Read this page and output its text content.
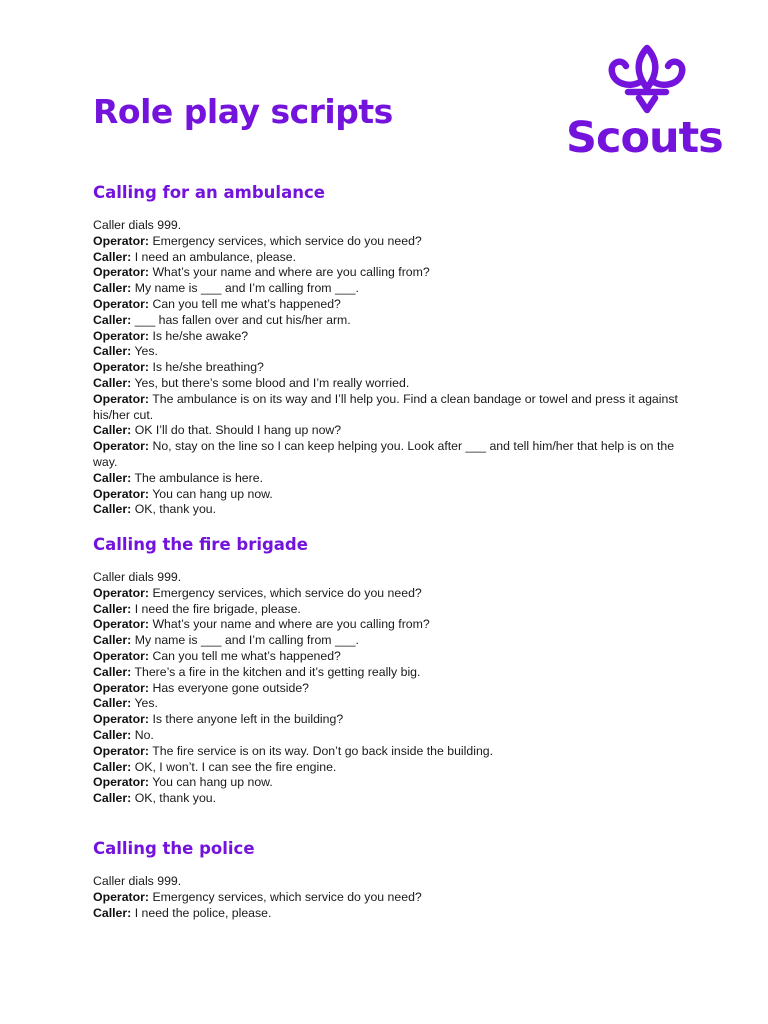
Role play scripts
Scouts
Calling for an ambulance
Caller dials 999.
Operator: Emergency services, which service do you need?
Caller: I need an ambulance, please.
Operator: What’s your name and where are you calling from?
Caller: My name is ___ and I’m calling from ___.
Operator: Can you tell me what’s happened?
Caller: ___ has fallen over and cut his/her arm.
Operator: Is he/she awake?
Caller: Yes.
Operator: Is he/she breathing?
Caller: Yes, but there’s some blood and I’m really worried.
Operator: The ambulance is on its way and I’ll help you. Find a clean bandage or towel and press it against his/her cut.
Caller: OK I’ll do that. Should I hang up now?
Operator: No, stay on the line so I can keep helping you. Look after ___ and tell him/her that help is on the way.
Caller: The ambulance is here.
Operator: You can hang up now.
Caller: OK, thank you.
Calling the fire brigade
Caller dials 999.
Operator: Emergency services, which service do you need?
Caller: I need the fire brigade, please.
Operator: What’s your name and where are you calling from?
Caller: My name is ___ and I’m calling from ___.
Operator: Can you tell me what’s happened?
Caller: There’s a fire in the kitchen and it’s getting really big.
Operator: Has everyone gone outside?
Caller: Yes.
Operator: Is there anyone left in the building?
Caller: No.
Operator: The fire service is on its way. Don’t go back inside the building.
Caller: OK, I won’t. I can see the fire engine.
Operator: You can hang up now.
Caller: OK, thank you.
Calling the police
Caller dials 999.
Operator: Emergency services, which service do you need?
Caller: I need the police, please.
